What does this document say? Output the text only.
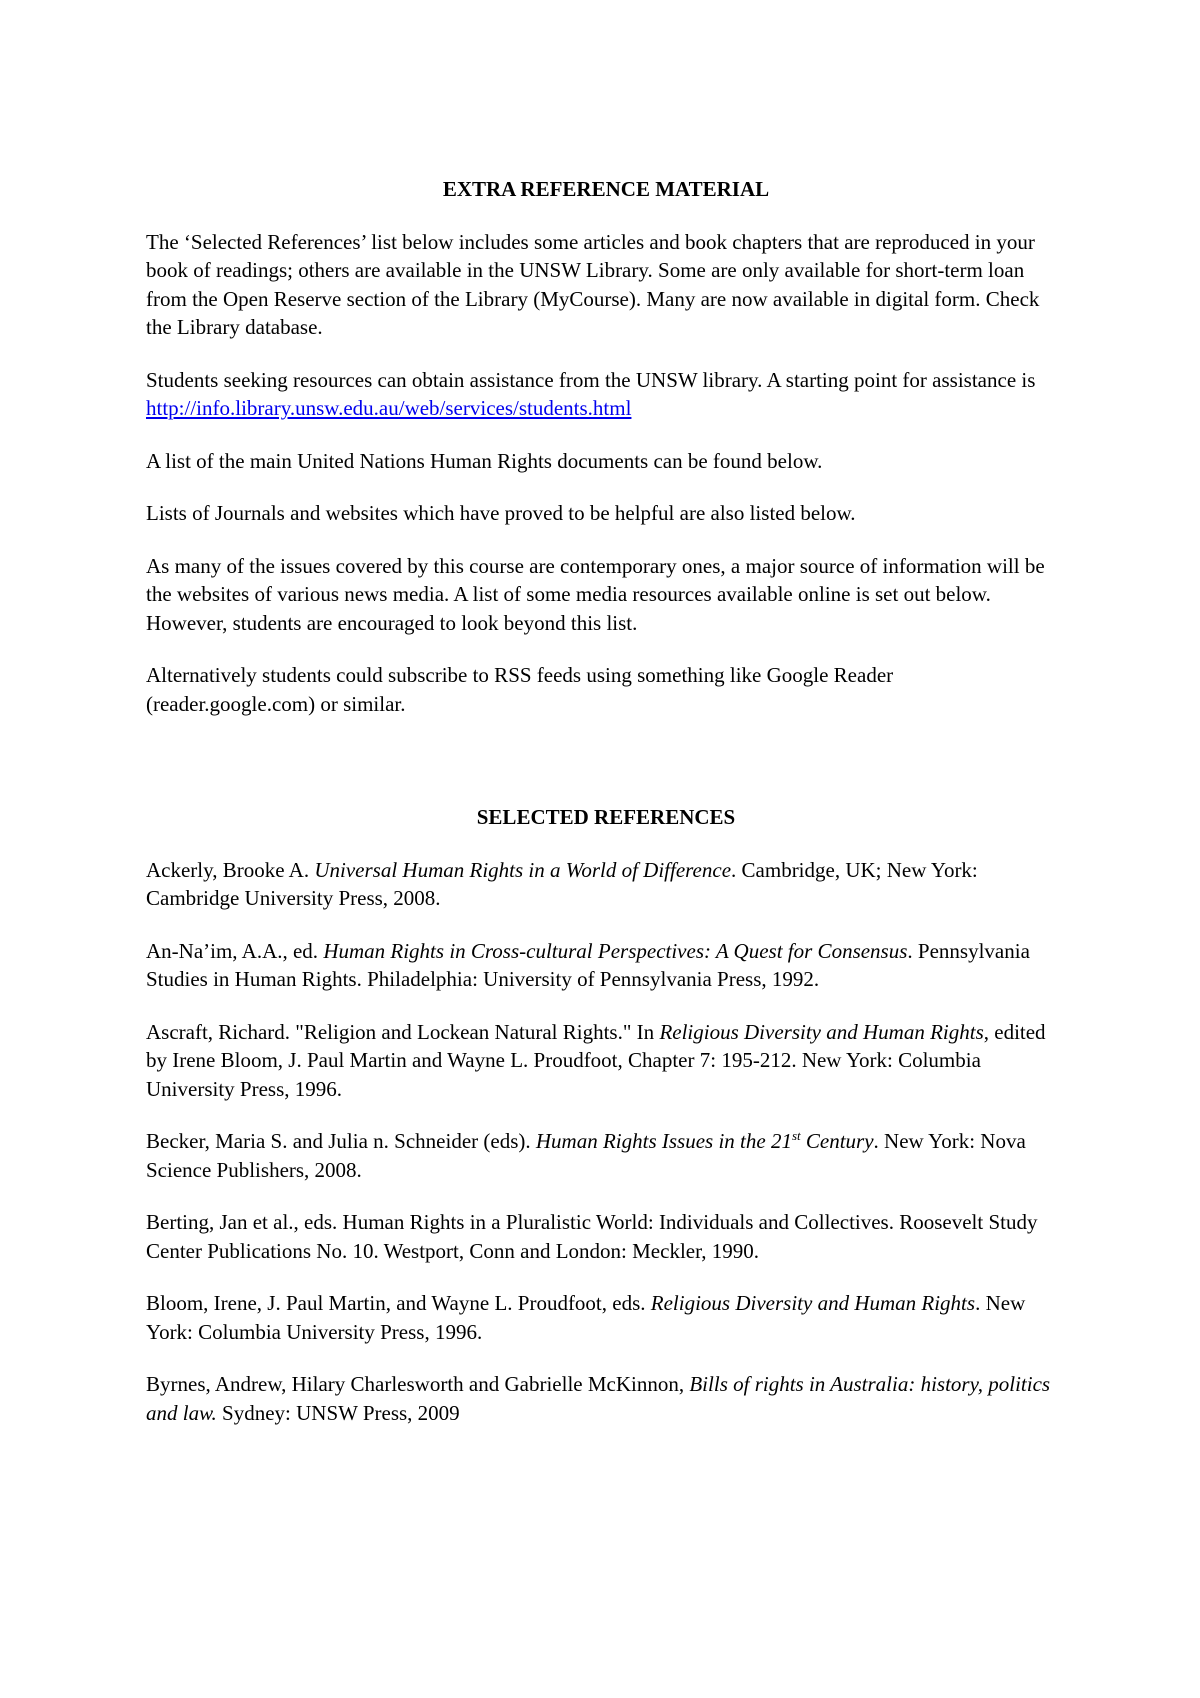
EXTRA REFERENCE MATERIAL

The ‘Selected References’ list below includes some articles and book chapters that are reproduced in your book of readings; others are available in the UNSW Library. Some are only available for short-term loan from the Open Reserve section of the Library (MyCourse). Many are now available in digital form. Check the Library database.

Students seeking resources can obtain assistance from the UNSW library. A starting point for assistance is http://info.library.unsw.edu.au/web/services/students.html

A list of the main United Nations Human Rights documents can be found below.

Lists of Journals and websites which have proved to be helpful are also listed below.

As many of the issues covered by this course are contemporary ones, a major source of information will be the websites of various news media. A list of some media resources available online is set out below. However, students are encouraged to look beyond this list.

Alternatively students could subscribe to RSS feeds using something like Google Reader (reader.google.com) or similar.

SELECTED REFERENCES

Ackerly, Brooke A. Universal Human Rights in a World of Difference. Cambridge, UK; New York: Cambridge University Press, 2008.

An-Na’im, A.A., ed. Human Rights in Cross-cultural Perspectives: A Quest for Consensus. Pennsylvania Studies in Human Rights. Philadelphia: University of Pennsylvania Press, 1992.

Ascraft, Richard. "Religion and Lockean Natural Rights." In Religious Diversity and Human Rights, edited by Irene Bloom, J. Paul Martin and Wayne L. Proudfoot, Chapter 7: 195-212. New York: Columbia University Press, 1996.

Becker, Maria S. and Julia n. Schneider (eds). Human Rights Issues in the 21st Century. New York: Nova Science Publishers, 2008.

Berting, Jan et al., eds. Human Rights in a Pluralistic World: Individuals and Collectives. Roosevelt Study Center Publications No. 10. Westport, Conn and London: Meckler, 1990.

Bloom, Irene, J. Paul Martin, and Wayne L. Proudfoot, eds. Religious Diversity and Human Rights. New York: Columbia University Press, 1996.

Byrnes, Andrew, Hilary Charlesworth and Gabrielle McKinnon, Bills of rights in Australia: history, politics and law. Sydney: UNSW Press, 2009
